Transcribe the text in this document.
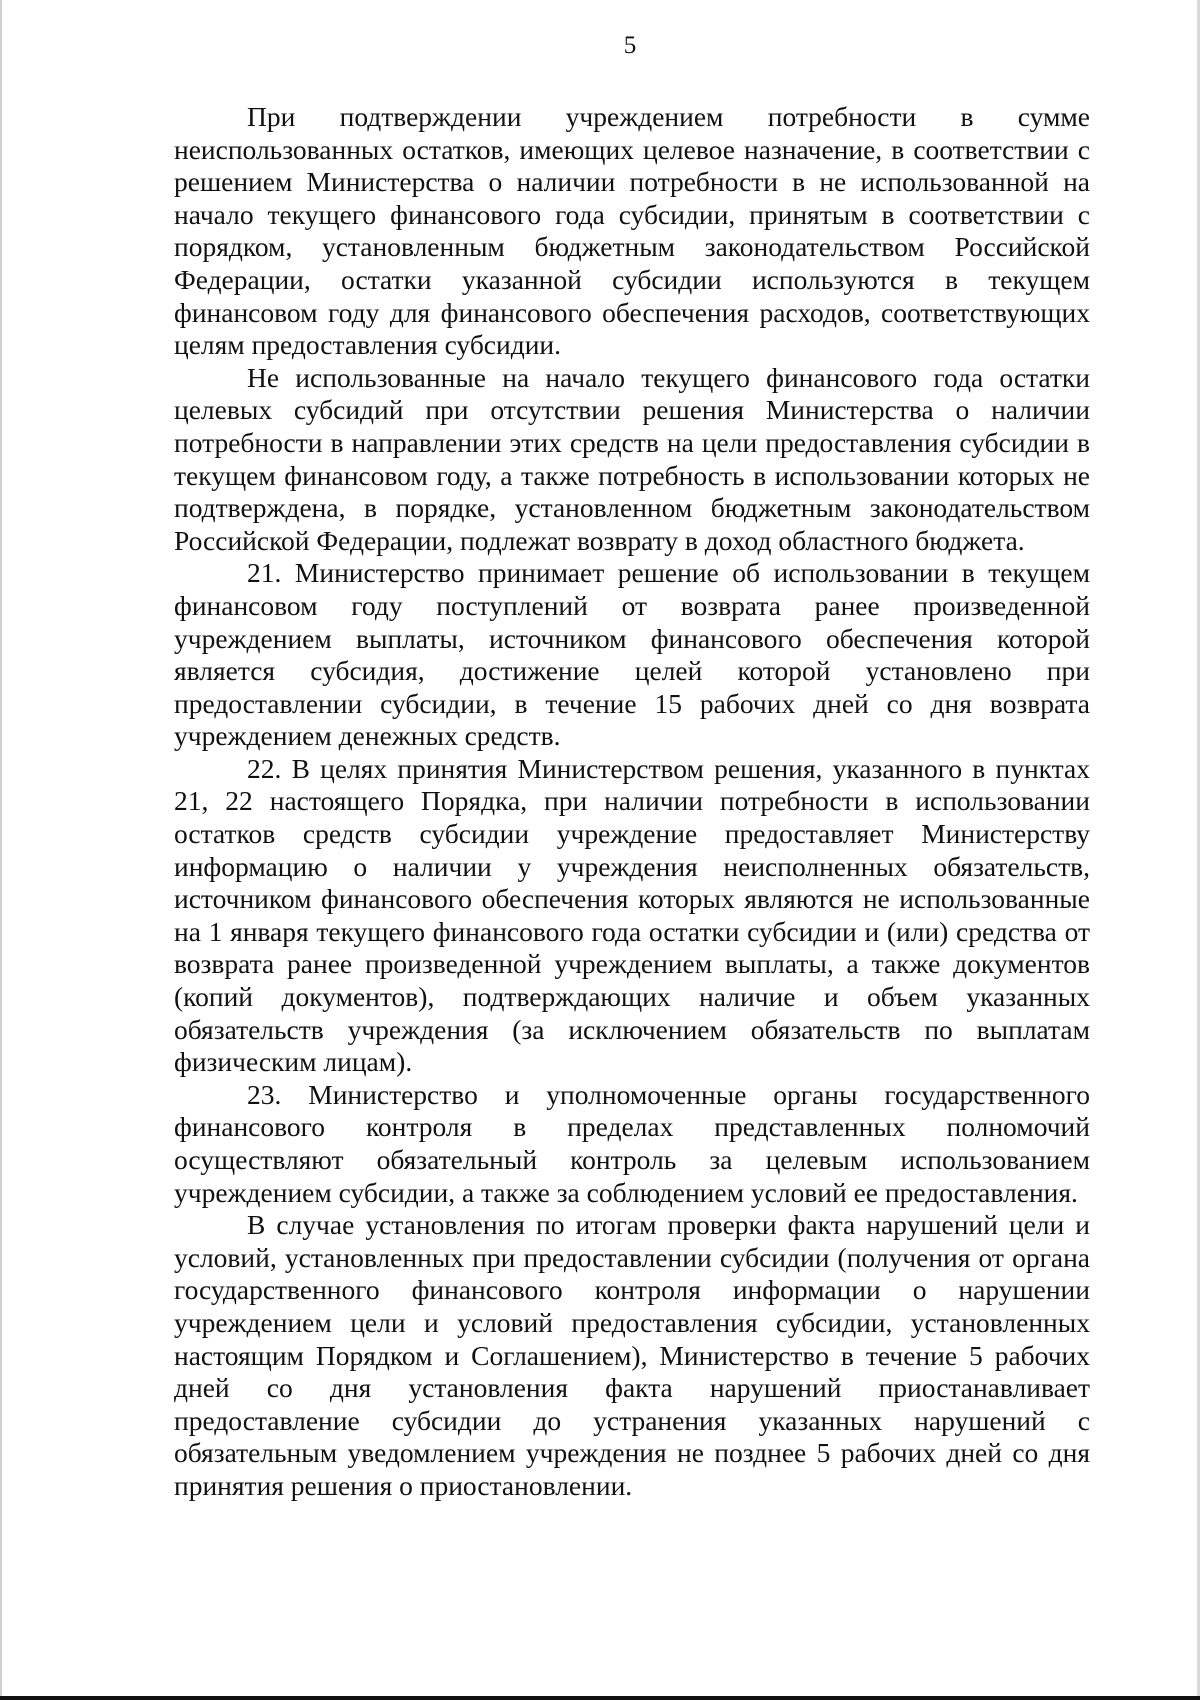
5

При подтверждении учреждением потребности в сумме неиспользованных остатков, имеющих целевое назначение, в соответствии с решением Министерства о наличии потребности в не использованной на начало текущего финансового года субсидии, принятым в соответствии с порядком, установленным бюджетным законодательством Российской Федерации, остатки указанной субсидии используются в текущем финансовом году для финансового обеспечения расходов, соответствующих целям предоставления субсидии.

Не использованные на начало текущего финансового года остатки целевых субсидий при отсутствии решения Министерства о наличии потребности в направлении этих средств на цели предоставления субсидии в текущем финансовом году, а также потребность в использовании которых не подтверждена, в порядке, установленном бюджетным законодательством Российской Федерации, подлежат возврату в доход областного бюджета.

21. Министерство принимает решение об использовании в текущем финансовом году поступлений от возврата ранее произведенной учреждением выплаты, источником финансового обеспечения которой является субсидия, достижение целей которой установлено при предоставлении субсидии, в течение 15 рабочих дней со дня возврата учреждением денежных средств.

22. В целях принятия Министерством решения, указанного в пунктах 21, 22 настоящего Порядка, при наличии потребности в использовании остатков средств субсидии учреждение предоставляет Министерству информацию о наличии у учреждения неисполненных обязательств, источником финансового обеспечения которых являются не использованные на 1 января текущего финансового года остатки субсидии и (или) средства от возврата ранее произведенной учреждением выплаты, а также документов (копий документов), подтверждающих наличие и объем указанных обязательств учреждения (за исключением обязательств по выплатам физическим лицам).

23. Министерство и уполномоченные органы государственного финансового контроля в пределах представленных полномочий осуществляют обязательный контроль за целевым использованием учреждением субсидии, а также за соблюдением условий ее предоставления.

В случае установления по итогам проверки факта нарушений цели и условий, установленных при предоставлении субсидии (получения от органа государственного финансового контроля информации о нарушении учреждением цели и условий предоставления субсидии, установленных настоящим Порядком и Соглашением), Министерство в течение 5 рабочих дней со дня установления факта нарушений приостанавливает предоставление субсидии до устранения указанных нарушений с обязательным уведомлением учреждения не позднее 5 рабочих дней со дня принятия решения о приостановлении.
